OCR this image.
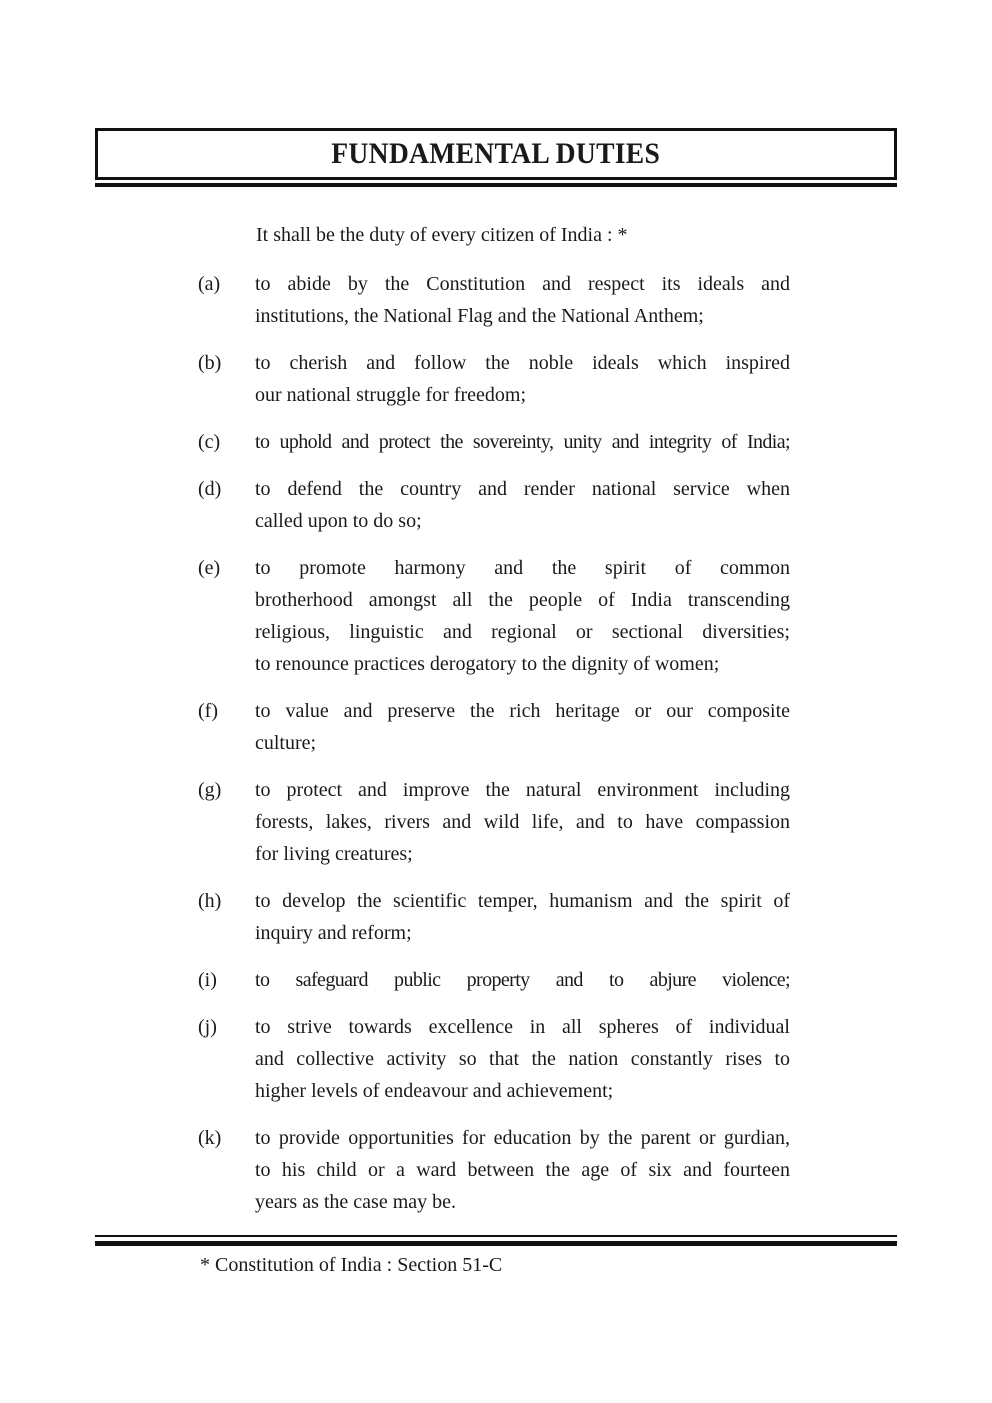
FUNDAMENTAL DUTIES
It shall be the duty of every citizen of India : *
(a)	to abide by the Constitution and respect its ideals and
institutions, the National Flag and the National Anthem;
(b)	to cherish and follow the noble ideals which inspired
our national struggle for freedom;
(c)	to uphold and protect the sovereinty, unity and integrity of India;
(d)	to defend the country and render national service when
called upon to do so;
(e)	to promote harmony and the spirit of common
brotherhood amongst all the people of India transcending
religious, linguistic and regional or sectional diversities;
to renounce practices derogatory to the dignity of women;
(f)	to value and preserve the rich heritage or our composite
culture;
(g)	to protect and improve the natural environment including
forests, lakes, rivers and wild life, and to have compassion
for living creatures;
(h)	to develop the scientific temper, humanism and the spirit of
inquiry and reform;
(i)	to safeguard public property and to abjure violence;
(j)	to strive towards excellence in all spheres of individual
and collective activity so that the nation constantly rises to
higher levels of endeavour and achievement;
(k)	to provide opportunities for education by the parent or gurdian,
to his child or a ward between the age of six and fourteen
years as the case may be.
* Constitution of India : Section 51-C
